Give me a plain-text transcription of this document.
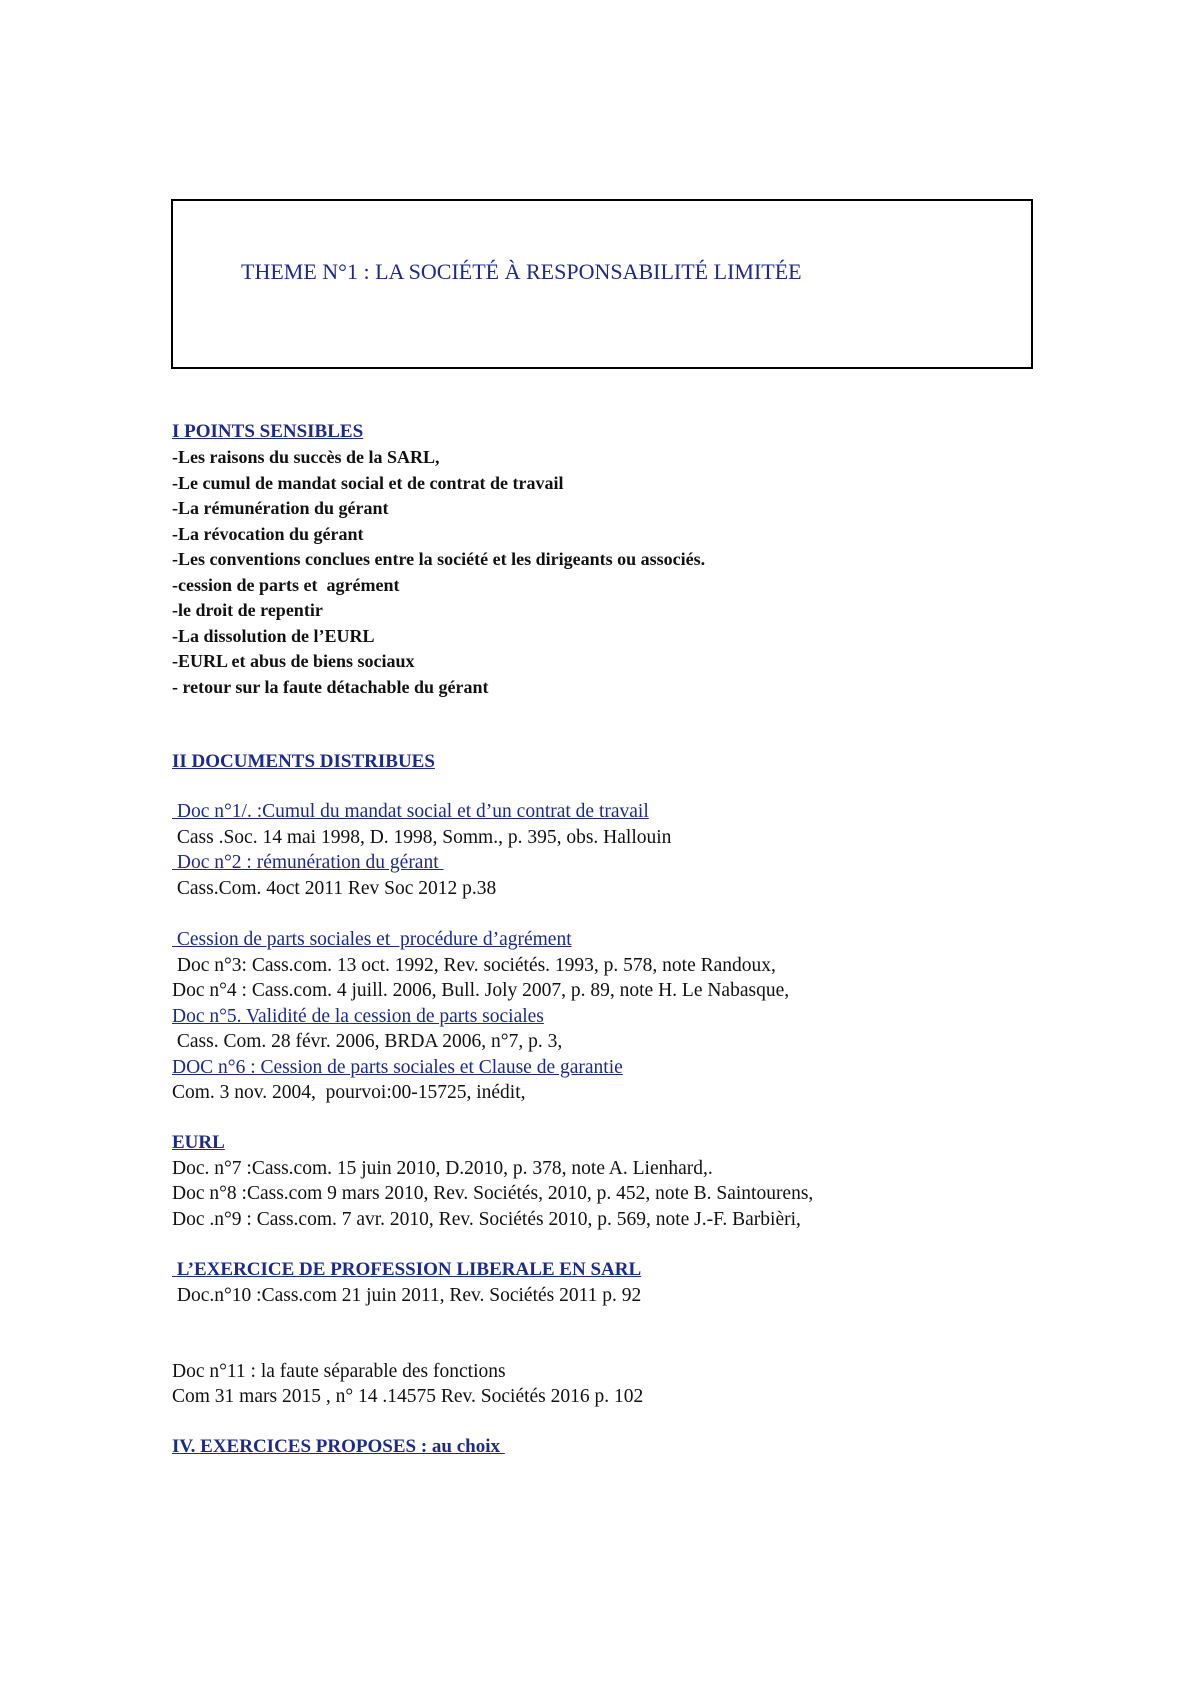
THEME N°1 : LA SOCIÉTÉ À RESPONSABILITÉ LIMITÉE
I POINTS SENSIBLES
-Les raisons du succès de la SARL,
-Le cumul de mandat social et de contrat de travail
-La rémunération du gérant
-La révocation du gérant
-Les conventions conclues entre la société et les dirigeants ou associés.
-cession de parts et  agrément
-le droit de repentir
-La dissolution de l’EURL
-EURL et abus de biens sociaux
- retour sur la faute détachable du gérant
II DOCUMENTS DISTRIBUES
Doc n°1/. :Cumul du mandat social et d’un contrat de travail
Cass .Soc. 14 mai 1998, D. 1998, Somm., p. 395, obs. Hallouin
Doc n°2 : rémunération du gérant
Cass.Com. 4oct 2011 Rev Soc 2012 p.38
Cession de parts sociales et  procédure d’agrément
Doc n°3: Cass.com. 13 oct. 1992, Rev. sociétés. 1993, p. 578, note Randoux,
Doc n°4 : Cass.com. 4 juill. 2006, Bull. Joly 2007, p. 89, note H. Le Nabasque,
Doc n°5. Validité de la cession de parts sociales
Cass. Com. 28 févr. 2006, BRDA 2006, n°7, p. 3,
DOC n°6 : Cession de parts sociales et Clause de garantie
Com. 3 nov. 2004,  pourvoi:00-15725, inédit,
EURL
Doc. n°7 :Cass.com. 15 juin 2010, D.2010, p. 378, note A. Lienhard,.
Doc n°8 :Cass.com 9 mars 2010, Rev. Sociétés, 2010, p. 452, note B. Saintourens,
Doc .n°9 : Cass.com. 7 avr. 2010, Rev. Sociétés 2010, p. 569, note J.-F. Barbièri,
L’EXERCICE DE PROFESSION LIBERALE EN SARL
Doc.n°10 :Cass.com 21 juin 2011, Rev. Sociétés 2011 p. 92
Doc n°11 : la faute séparable des fonctions
Com 31 mars 2015 , n° 14 .14575 Rev. Sociétés 2016 p. 102
IV. EXERCICES PROPOSES : au choix
